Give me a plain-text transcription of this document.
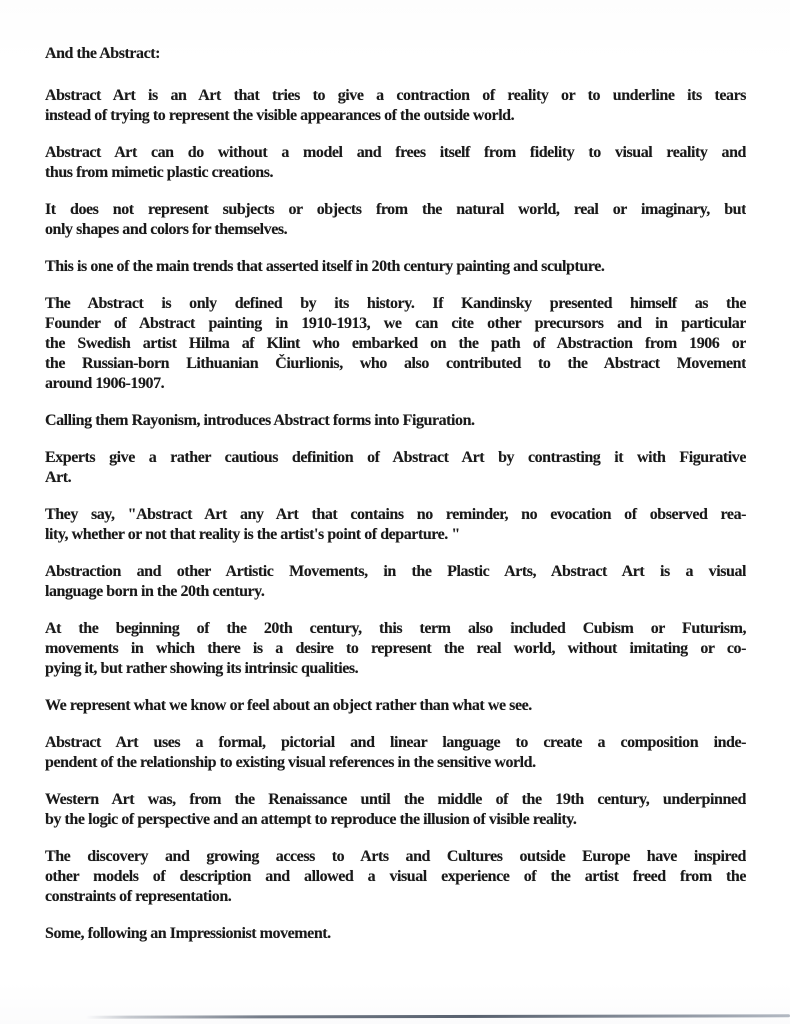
And the Abstract:

Abstract Art is an Art that tries to give a contraction of reality or to underline its tears
instead of trying to represent the visible appearances of the outside world.

Abstract Art can do without a model and frees itself from fidelity to visual reality and
thus from mimetic plastic creations.

It does not represent subjects or objects from the natural world, real or imaginary, but
only shapes and colors for themselves.

This is one of the main trends that asserted itself in 20th century painting and sculpture.

The Abstract is only defined by its history. If Kandinsky presented himself as the
Founder of Abstract painting in 1910-1913, we can cite other precursors and in particular
the Swedish artist Hilma af Klint who embarked on the path of Abstraction from 1906 or
the Russian-born Lithuanian Čiurlionis, who also contributed to the Abstract Movement
around 1906-1907.

Calling them Rayonism, introduces Abstract forms into Figuration.

Experts give a rather cautious definition of Abstract Art by contrasting it with Figurative
Art.

They say, "Abstract Art any Art that contains no reminder, no evocation of observed rea-
lity, whether or not that reality is the artist's point of departure. "

Abstraction and other Artistic Movements, in the Plastic Arts, Abstract Art is a visual
language born in the 20th century.

At the beginning of the 20th century, this term also included Cubism or Futurism,
movements in which there is a desire to represent the real world, without imitating or co-
pying it, but rather showing its intrinsic qualities.

We represent what we know or feel about an object rather than what we see.

Abstract Art uses a formal, pictorial and linear language to create a composition inde-
pendent of the relationship to existing visual references in the sensitive world.

Western Art was, from the Renaissance until the middle of the 19th century, underpinned
by the logic of perspective and an attempt to reproduce the illusion of visible reality.

The discovery and growing access to Arts and Cultures outside Europe have inspired
other models of description and allowed a visual experience of the artist freed from the
constraints of representation.

Some, following an Impressionist movement.
